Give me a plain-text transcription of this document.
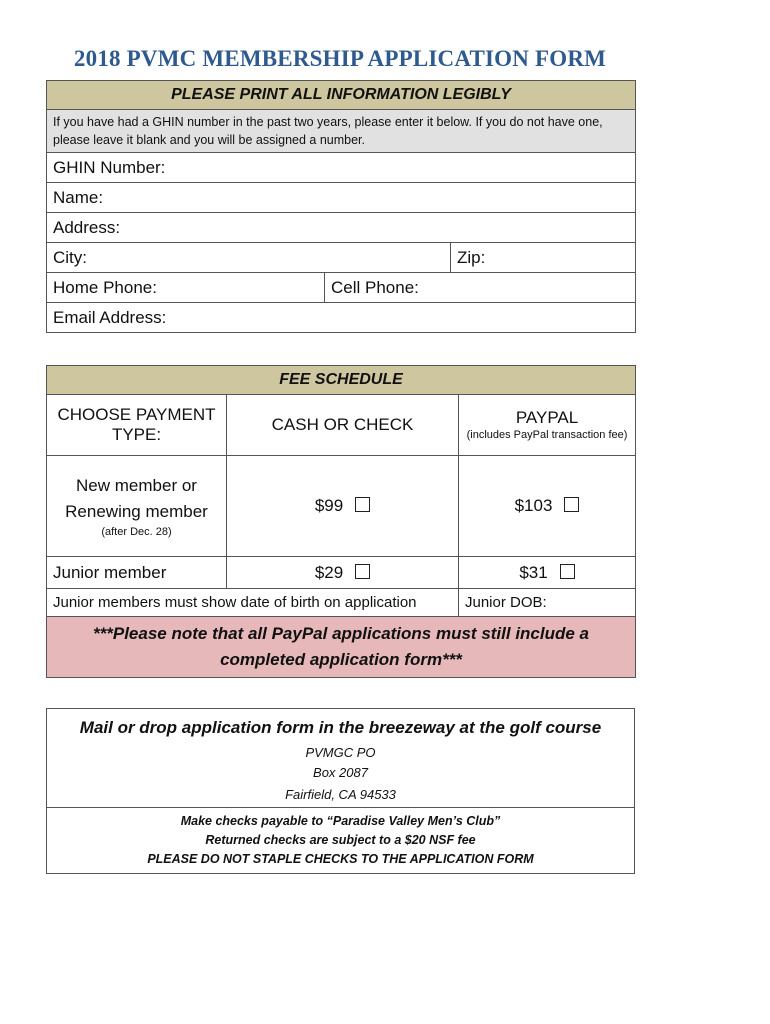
2018 PVMC MEMBERSHIP APPLICATION FORM
PLEASE PRINT ALL INFORMATION LEGIBLY		
If you have had a GHIN number in the past two years, please enter it below. If you do not have one, please leave it blank and you will be assigned a number.		
GHIN Number:		
Name:		
Address:		
City:		Zip:
Home Phone:	Cell Phone:	
Email Address:		
FEE SCHEDULE		
CHOOSE PAYMENT TYPE:	CASH OR CHECK	PAYPAL
(includes PayPal transaction fee)

New member or Renewing member
(after Dec. 28)	$99	$103
Junior member	$29	$31
Junior members must show date of birth on application		Junior DOB:
***Please note that all PayPal applications must still include a completed application form***		
Mail or drop application form in the breezeway at the golf course
PVMGC PO
Box 2087
Fairfield, CA 94533

Make checks payable to “Paradise Valley Men’s Club”
Returned checks are subject to a $20 NSF fee
PLEASE DO NOT STAPLE CHECKS TO THE APPLICATION FORM
